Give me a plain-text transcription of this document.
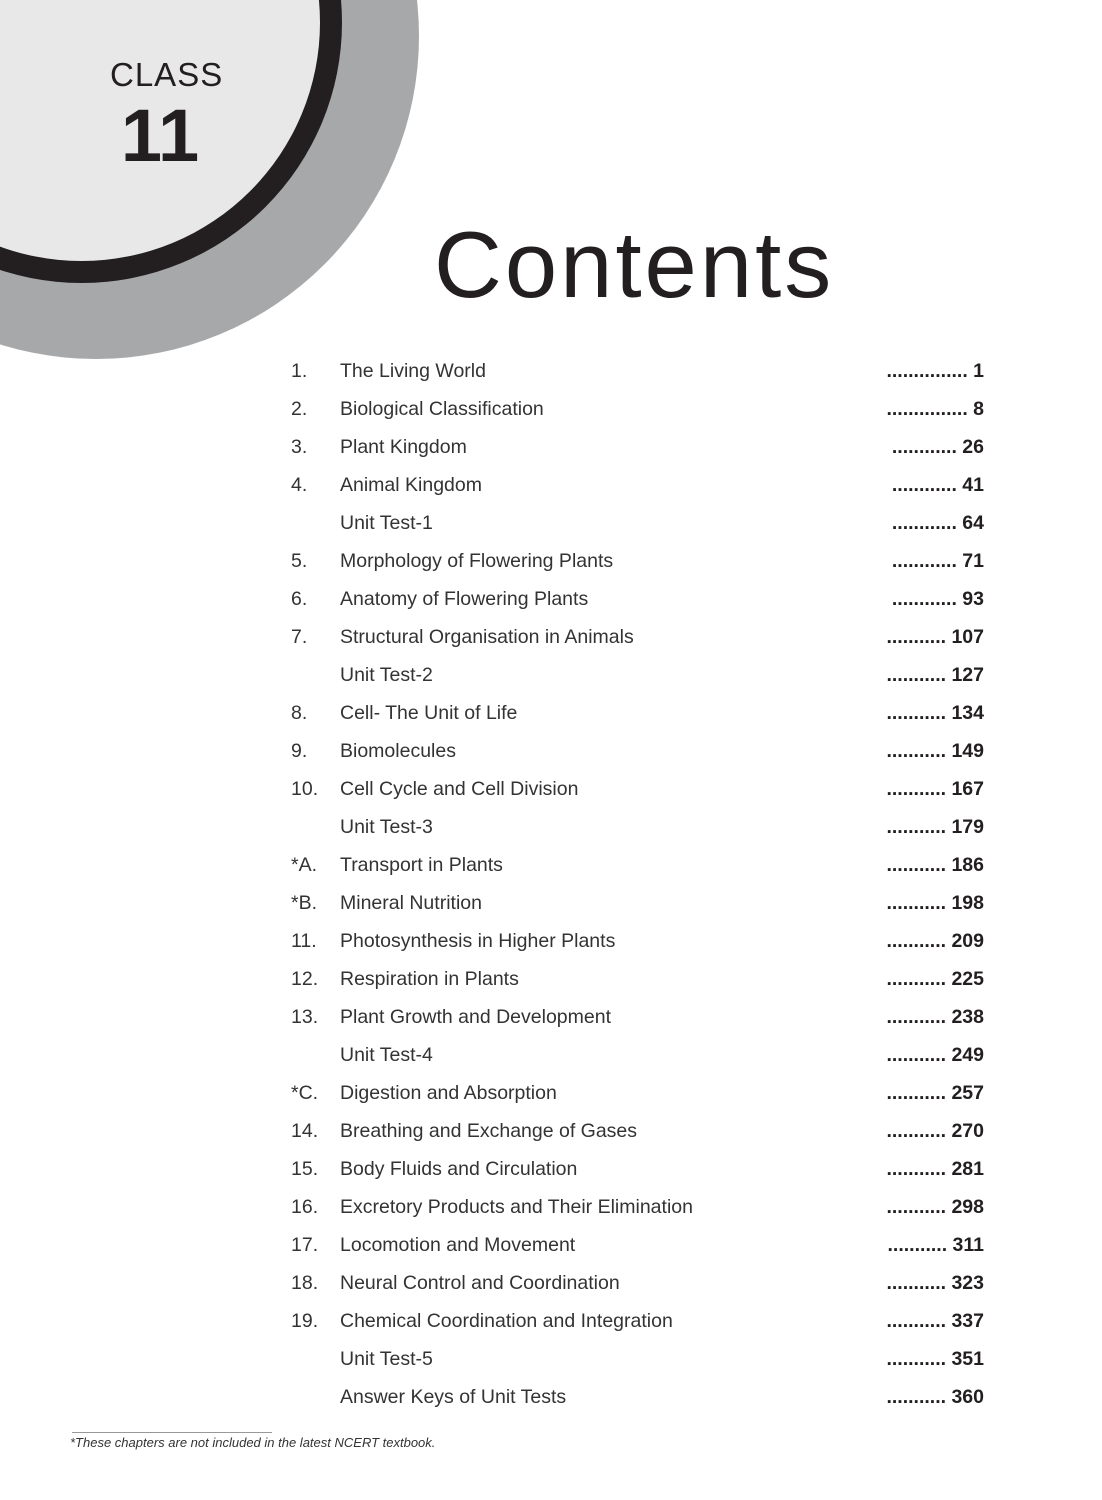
CLASS
11
Contents
1. The Living World	............... 1
2. Biological Classification	............... 8
3. Plant Kingdom	............ 26
4. Animal Kingdom	............ 41
Unit Test-1	............ 64
5. Morphology of Flowering Plants	............ 71
6. Anatomy of Flowering Plants	............ 93
7. Structural Organisation in Animals	........... 107
Unit Test-2	........... 127
8. Cell- The Unit of Life	........... 134
9. Biomolecules	........... 149
10. Cell Cycle and Cell Division	........... 167
Unit Test-3	........... 179
*A. Transport in Plants	........... 186
*B. Mineral Nutrition	........... 198
11. Photosynthesis in Higher Plants	........... 209
12. Respiration in Plants	........... 225
13. Plant Growth and Development	........... 238
Unit Test-4	........... 249
*C. Digestion and Absorption	........... 257
14. Breathing and Exchange of Gases	........... 270
15. Body Fluids and Circulation	........... 281
16. Excretory Products and Their Elimination	........... 298
17. Locomotion and Movement	........... 311
18. Neural Control and Coordination	........... 323
19. Chemical Coordination and Integration	........... 337
Unit Test-5	........... 351
Answer Keys of Unit Tests	........... 360
*These chapters are not included in the latest NCERT textbook.
